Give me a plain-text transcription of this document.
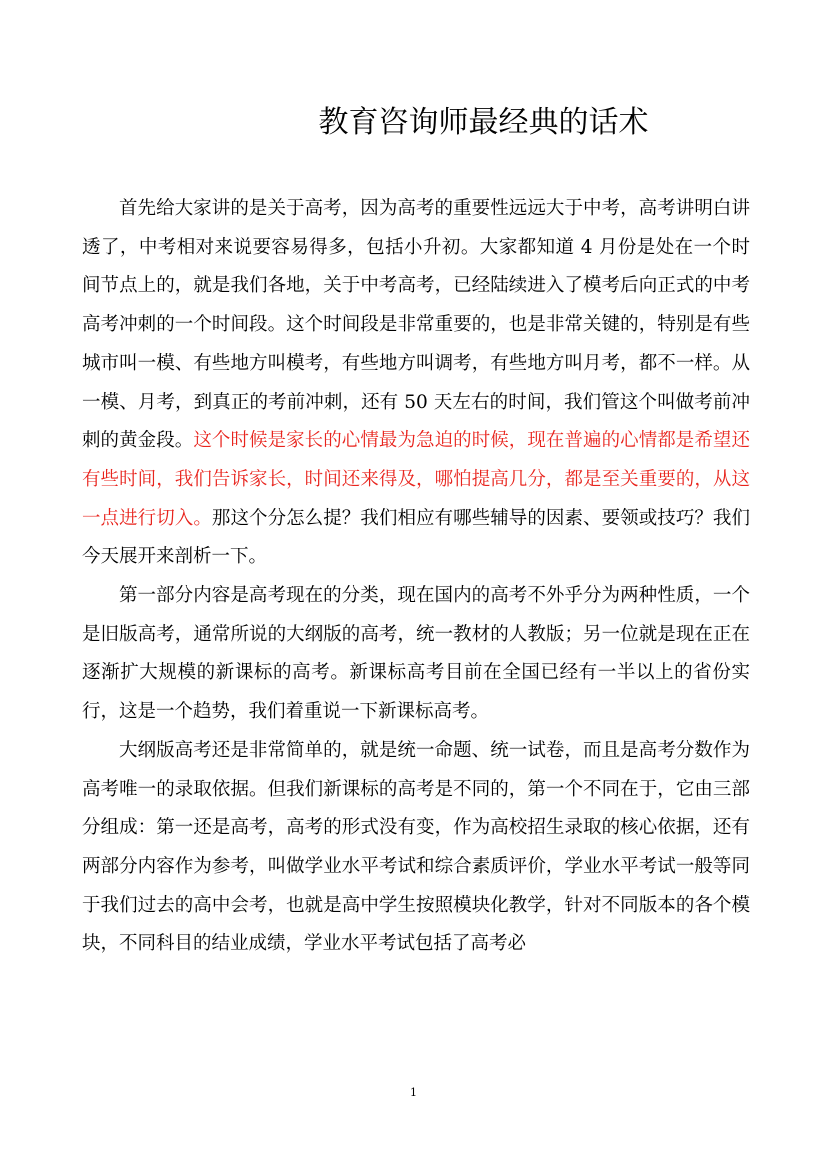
教育咨询师最经典的话术

首先给大家讲的是关于高考，因为高考的重要性远远大于中考，高考讲明白讲透了，中考相对来说要容易得多，包括小升初。大家都知道 4 月份是处在一个时间节点上的，就是我们各地，关于中考高考，已经陆续进入了模考后向正式的中考高考冲刺的一个时间段。这个时间段是非常重要的，也是非常关键的，特别是有些城市叫一模、有些地方叫模考，有些地方叫调考，有些地方叫月考，都不一样。从一模、月考，到真正的考前冲刺，还有 50 天左右的时间，我们管这个叫做考前冲刺的黄金段。这个时候是家长的心情最为急迫的时候，现在普遍的心情都是希望还有些时间，我们告诉家长，时间还来得及，哪怕提高几分，都是至关重要的，从这一点进行切入。那这个分怎么提？我们相应有哪些辅导的因素、要领或技巧？我们今天展开来剖析一下。

第一部分内容是高考现在的分类，现在国内的高考不外乎分为两种性质，一个是旧版高考，通常所说的大纲版的高考，统一教材的人教版；另一位就是现在正在逐渐扩大规模的新课标的高考。新课标高考目前在全国已经有一半以上的省份实行，这是一个趋势，我们着重说一下新课标高考。

大纲版高考还是非常简单的，就是统一命题、统一试卷，而且是高考分数作为高考唯一的录取依据。但我们新课标的高考是不同的，第一个不同在于，它由三部分组成：第一还是高考，高考的形式没有变，作为高校招生录取的核心依据，还有两部分内容作为参考，叫做学业水平考试和综合素质评价，学业水平考试一般等同于我们过去的高中会考，也就是高中学生按照模块化教学，针对不同版本的各个模块，不同科目的结业成绩，学业水平考试包括了高考必

1
